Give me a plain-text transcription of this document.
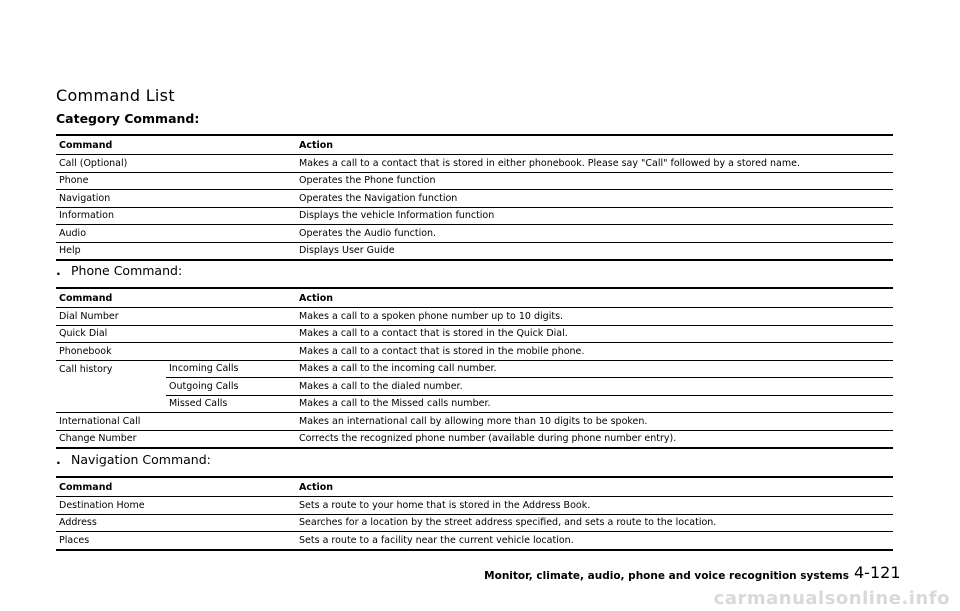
Command List
Category Command:
Command	Action
Call (Optional)	Makes a call to a contact that is stored in either phonebook. Please say "Call" followed by a stored name.
Phone	Operates the Phone function
Navigation	Operates the Navigation function
Information	Displays the vehicle Information function
Audio	Operates the Audio function.
Help	Displays User Guide
. Phone Command:
Command		Action
Dial Number		Makes a call to a spoken phone number up to 10 digits.
Quick Dial		Makes a call to a contact that is stored in the Quick Dial.
Phonebook		Makes a call to a contact that is stored in the mobile phone.
Call history	Incoming Calls	Makes a call to the incoming call number.
	Outgoing Calls	Makes a call to the dialed number.
	Missed Calls	Makes a call to the Missed calls number.
International Call		Makes an international call by allowing more than 10 digits to be spoken.
Change Number		Corrects the recognized phone number (available during phone number entry).
. Navigation Command:
Command	Action
Destination Home	Sets a route to your home that is stored in the Address Book.
Address	Searches for a location by the street address specified, and sets a route to the location.
Places	Sets a route to a facility near the current vehicle location.
Monitor, climate, audio, phone and voice recognition systems 4-121
carmanualsonline.info
